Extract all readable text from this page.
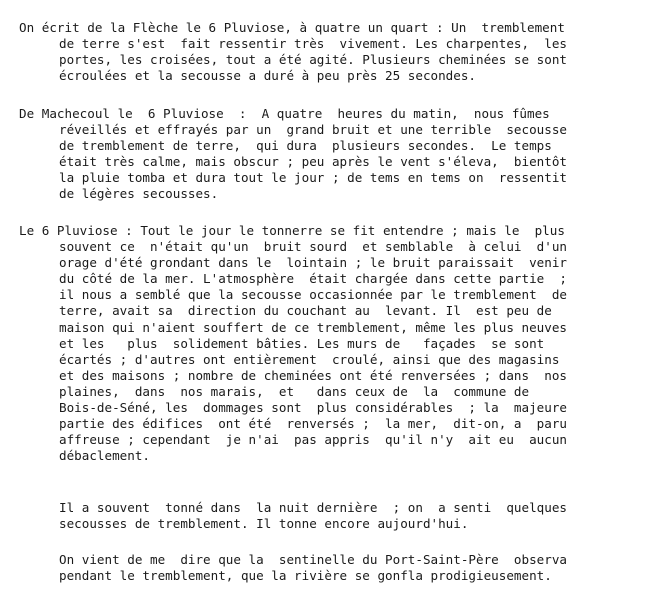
On écrit de la Flèche le 6 Pluviose, à quatre un quart : Un  tremblement
de terre s'est  fait ressentir très  vivement. Les charpentes,  les
portes, les croisées, tout a été agité. Plusieurs cheminées se sont
écroulées et la secousse a duré à peu près 25 secondes.
De Machecoul le  6 Pluviose  :  A quatre  heures du matin,  nous fûmes
réveillés et effrayés par un  grand bruit et une terrible  secousse
de tremblement de terre,  qui dura  plusieurs secondes.  Le temps
était très calme, mais obscur ; peu après le vent s'éleva,  bientôt
la pluie tomba et dura tout le jour ; de tems en tems on  ressentit
de légères secousses.
Le 6 Pluviose : Tout le jour le tonnerre se fit entendre ; mais le  plus
souvent ce  n'était qu'un  bruit sourd  et semblable  à celui  d'un
orage d'été grondant dans le  lointain ; le bruit paraissait  venir
du côté de la mer. L'atmosphère  était chargée dans cette partie  ;
il nous a semblé que la secousse occasionnée par le tremblement  de
terre, avait sa  direction du couchant au  levant. Il  est peu de
maison qui n'aient souffert de ce tremblement, même les plus neuves
et les   plus  solidement bâties. Les murs de   façades  se sont
écartés ; d'autres ont entièrement  croulé, ainsi que des magasins
et des maisons ; nombre de cheminées ont été renversées ; dans  nos
plaines,  dans  nos marais,  et   dans ceux de  la  commune de
Bois-de-Séné, les  dommages sont  plus considérables  ; la  majeure
partie des édifices  ont été  renversés ;  la mer,  dit-on, a  paru
affreuse ; cependant  je n'ai  pas appris  qu'il n'y  ait eu  aucun
débaclement.
Il a souvent  tonné dans  la nuit dernière  ; on  a senti  quelques
secousses de tremblement. Il tonne encore aujourd'hui.
On vient de me  dire que la  sentinelle du Port-Saint-Père  observa
pendant le tremblement, que la rivière se gonfla prodigieusement.
